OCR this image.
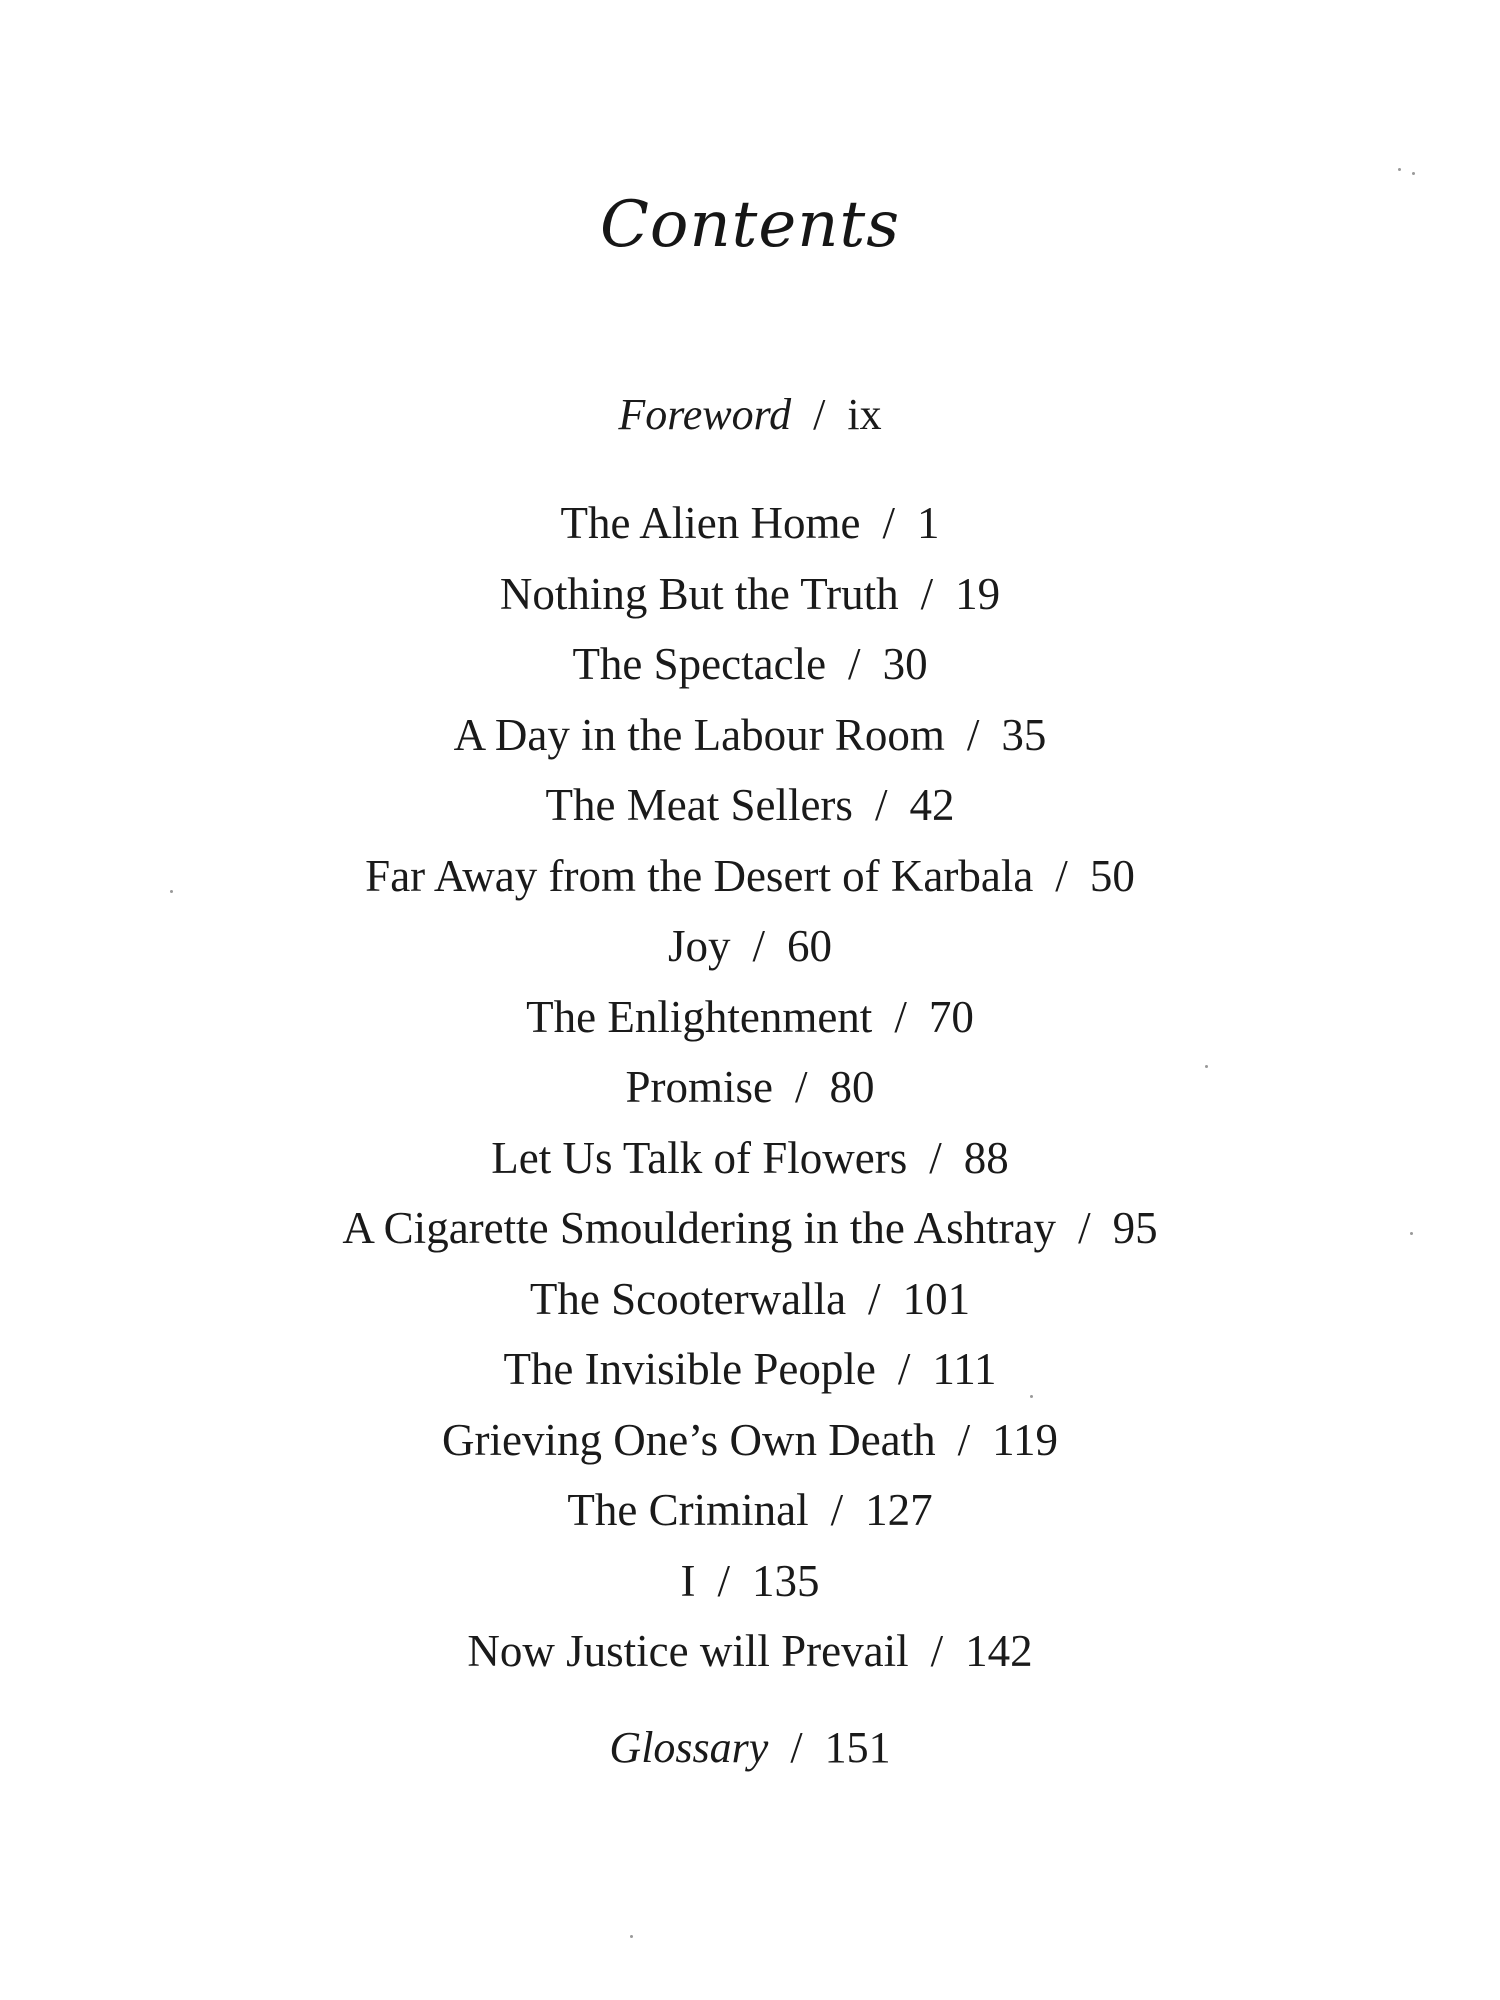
Contents
Foreword / ix
The Alien Home / 1
Nothing But the Truth / 19
The Spectacle / 30
A Day in the Labour Room / 35
The Meat Sellers / 42
Far Away from the Desert of Karbala / 50
Joy / 60
The Enlightenment / 70
Promise / 80
Let Us Talk of Flowers / 88
A Cigarette Smouldering in the Ashtray / 95
The Scooterwalla / 101
The Invisible People / 111
Grieving One’s Own Death / 119
The Criminal / 127
I / 135
Now Justice will Prevail / 142
Glossary / 151
